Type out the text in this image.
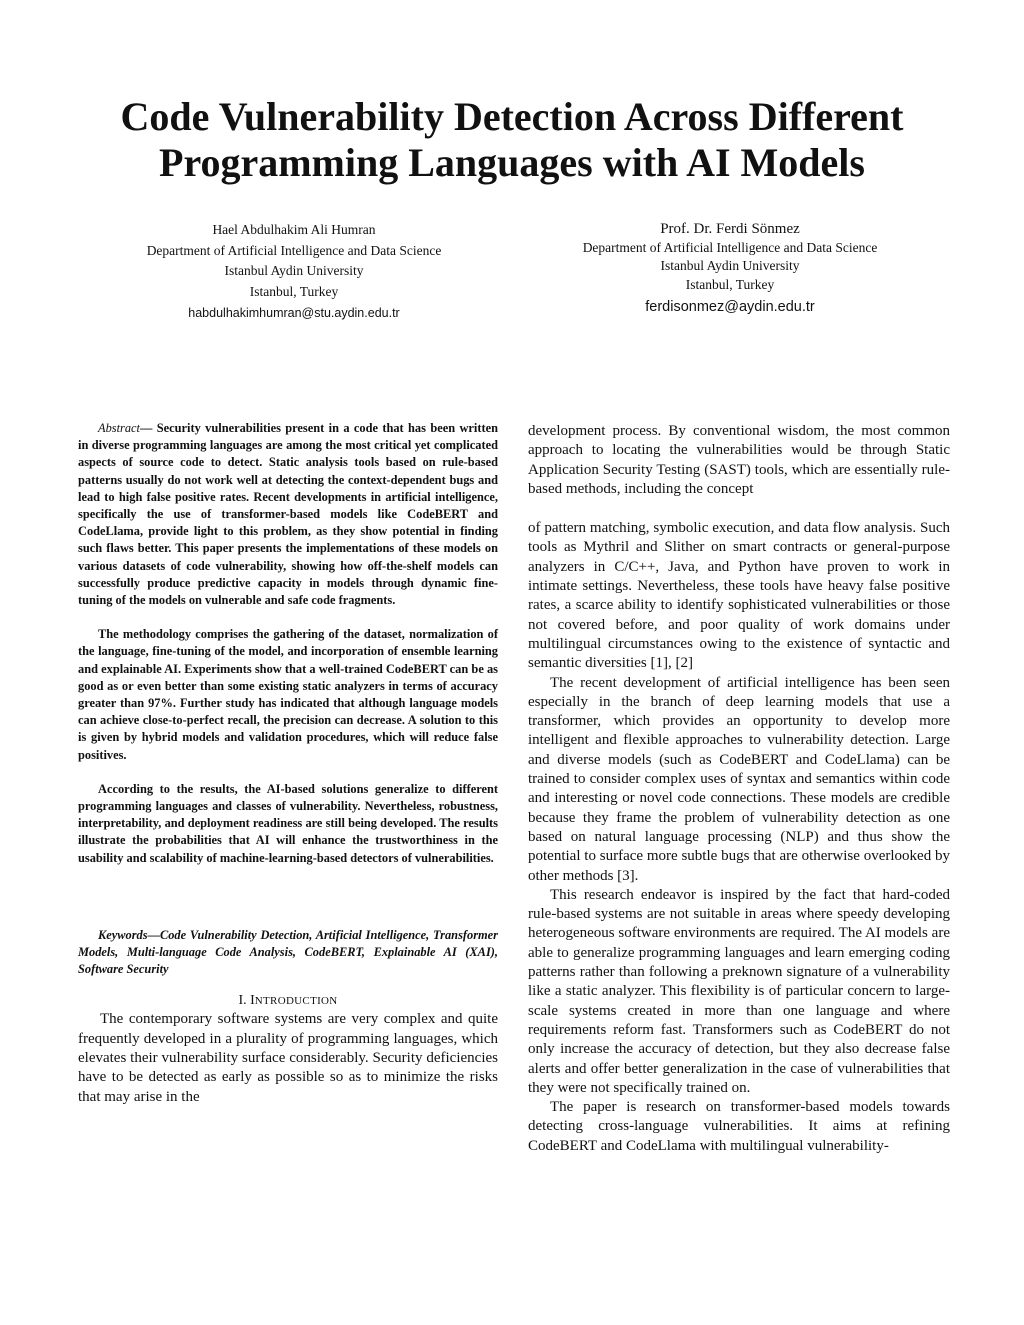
Code Vulnerability Detection Across Different Programming Languages with AI Models
Hael Abdulhakim Ali Humran
Department of Artificial Intelligence and Data Science
Istanbul Aydin University
Istanbul, Turkey
habdulhakimhumran@stu.aydin.edu.tr
Prof. Dr. Ferdi Sönmez
Department of Artificial Intelligence and Data Science
Istanbul Aydin University
Istanbul, Turkey
ferdisonmez@aydin.edu.tr

Abstract— Security vulnerabilities present in a code that has been written in diverse programming languages are among the most critical yet complicated aspects of source code to detect. Static analysis tools based on rule-based patterns usually do not work well at detecting the context-dependent bugs and lead to high false positive rates. Recent developments in artificial intelligence, specifically the use of transformer-based models like CodeBERT and CodeLlama, provide light to this problem, as they show potential in finding such flaws better. This paper presents the implementations of these models on various datasets of code vulnerability, showing how off-the-shelf models can successfully produce predictive capacity in models through dynamic fine-tuning of the models on vulnerable and safe code fragments.

The methodology comprises the gathering of the dataset, normalization of the language, fine-tuning of the model, and incorporation of ensemble learning and explainable AI. Experiments show that a well-trained CodeBERT can be as good as or even better than some existing static analyzers in terms of accuracy greater than 97%. Further study has indicated that although language models can achieve close-to-perfect recall, the precision can decrease. A solution to this is given by hybrid models and validation procedures, which will reduce false positives.

According to the results, the AI-based solutions generalize to different programming languages and classes of vulnerability. Nevertheless, robustness, interpretability, and deployment readiness are still being developed. The results illustrate the probabilities that AI will enhance the trustworthiness in the usability and scalability of machine-learning-based detectors of vulnerabilities.

Keywords—Code Vulnerability Detection, Artificial Intelligence, Transformer Models, Multi-language Code Analysis, CodeBERT, Explainable AI (XAI), Software Security

I. INTRODUCTION

The contemporary software systems are very complex and quite frequently developed in a plurality of programming languages, which elevates their vulnerability surface considerably. Security deficiencies have to be detected as early as possible so as to minimize the risks that may arise in the

development process. By conventional wisdom, the most common approach to locating the vulnerabilities would be through Static Application Security Testing (SAST) tools, which are essentially rule-based methods, including the concept

of pattern matching, symbolic execution, and data flow analysis. Such tools as Mythril and Slither on smart contracts or general-purpose analyzers in C/C++, Java, and Python have proven to work in intimate settings. Nevertheless, these tools have heavy false positive rates, a scarce ability to identify sophisticated vulnerabilities or those not covered before, and poor quality of work domains under multilingual circumstances owing to the existence of syntactic and semantic diversities [1], [2]

The recent development of artificial intelligence has been seen especially in the branch of deep learning models that use a transformer, which provides an opportunity to develop more intelligent and flexible approaches to vulnerability detection. Large and diverse models (such as CodeBERT and CodeLlama) can be trained to consider complex uses of syntax and semantics within code and interesting or novel code connections. These models are credible because they frame the problem of vulnerability detection as one based on natural language processing (NLP) and thus show the potential to surface more subtle bugs that are otherwise overlooked by other methods [3].

This research endeavor is inspired by the fact that hard-coded rule-based systems are not suitable in areas where speedy developing heterogeneous software environments are required. The AI models are able to generalize programming languages and learn emerging coding patterns rather than following a preknown signature of a vulnerability like a static analyzer. This flexibility is of particular concern to large-scale systems created in more than one language and where requirements reform fast. Transformers such as CodeBERT do not only increase the accuracy of detection, but they also decrease false alerts and offer better generalization in the case of vulnerabilities that they were not specifically trained on.

The paper is research on transformer-based models towards detecting cross-language vulnerabilities. It aims at refining CodeBERT and CodeLlama with multilingual vulnerability-
